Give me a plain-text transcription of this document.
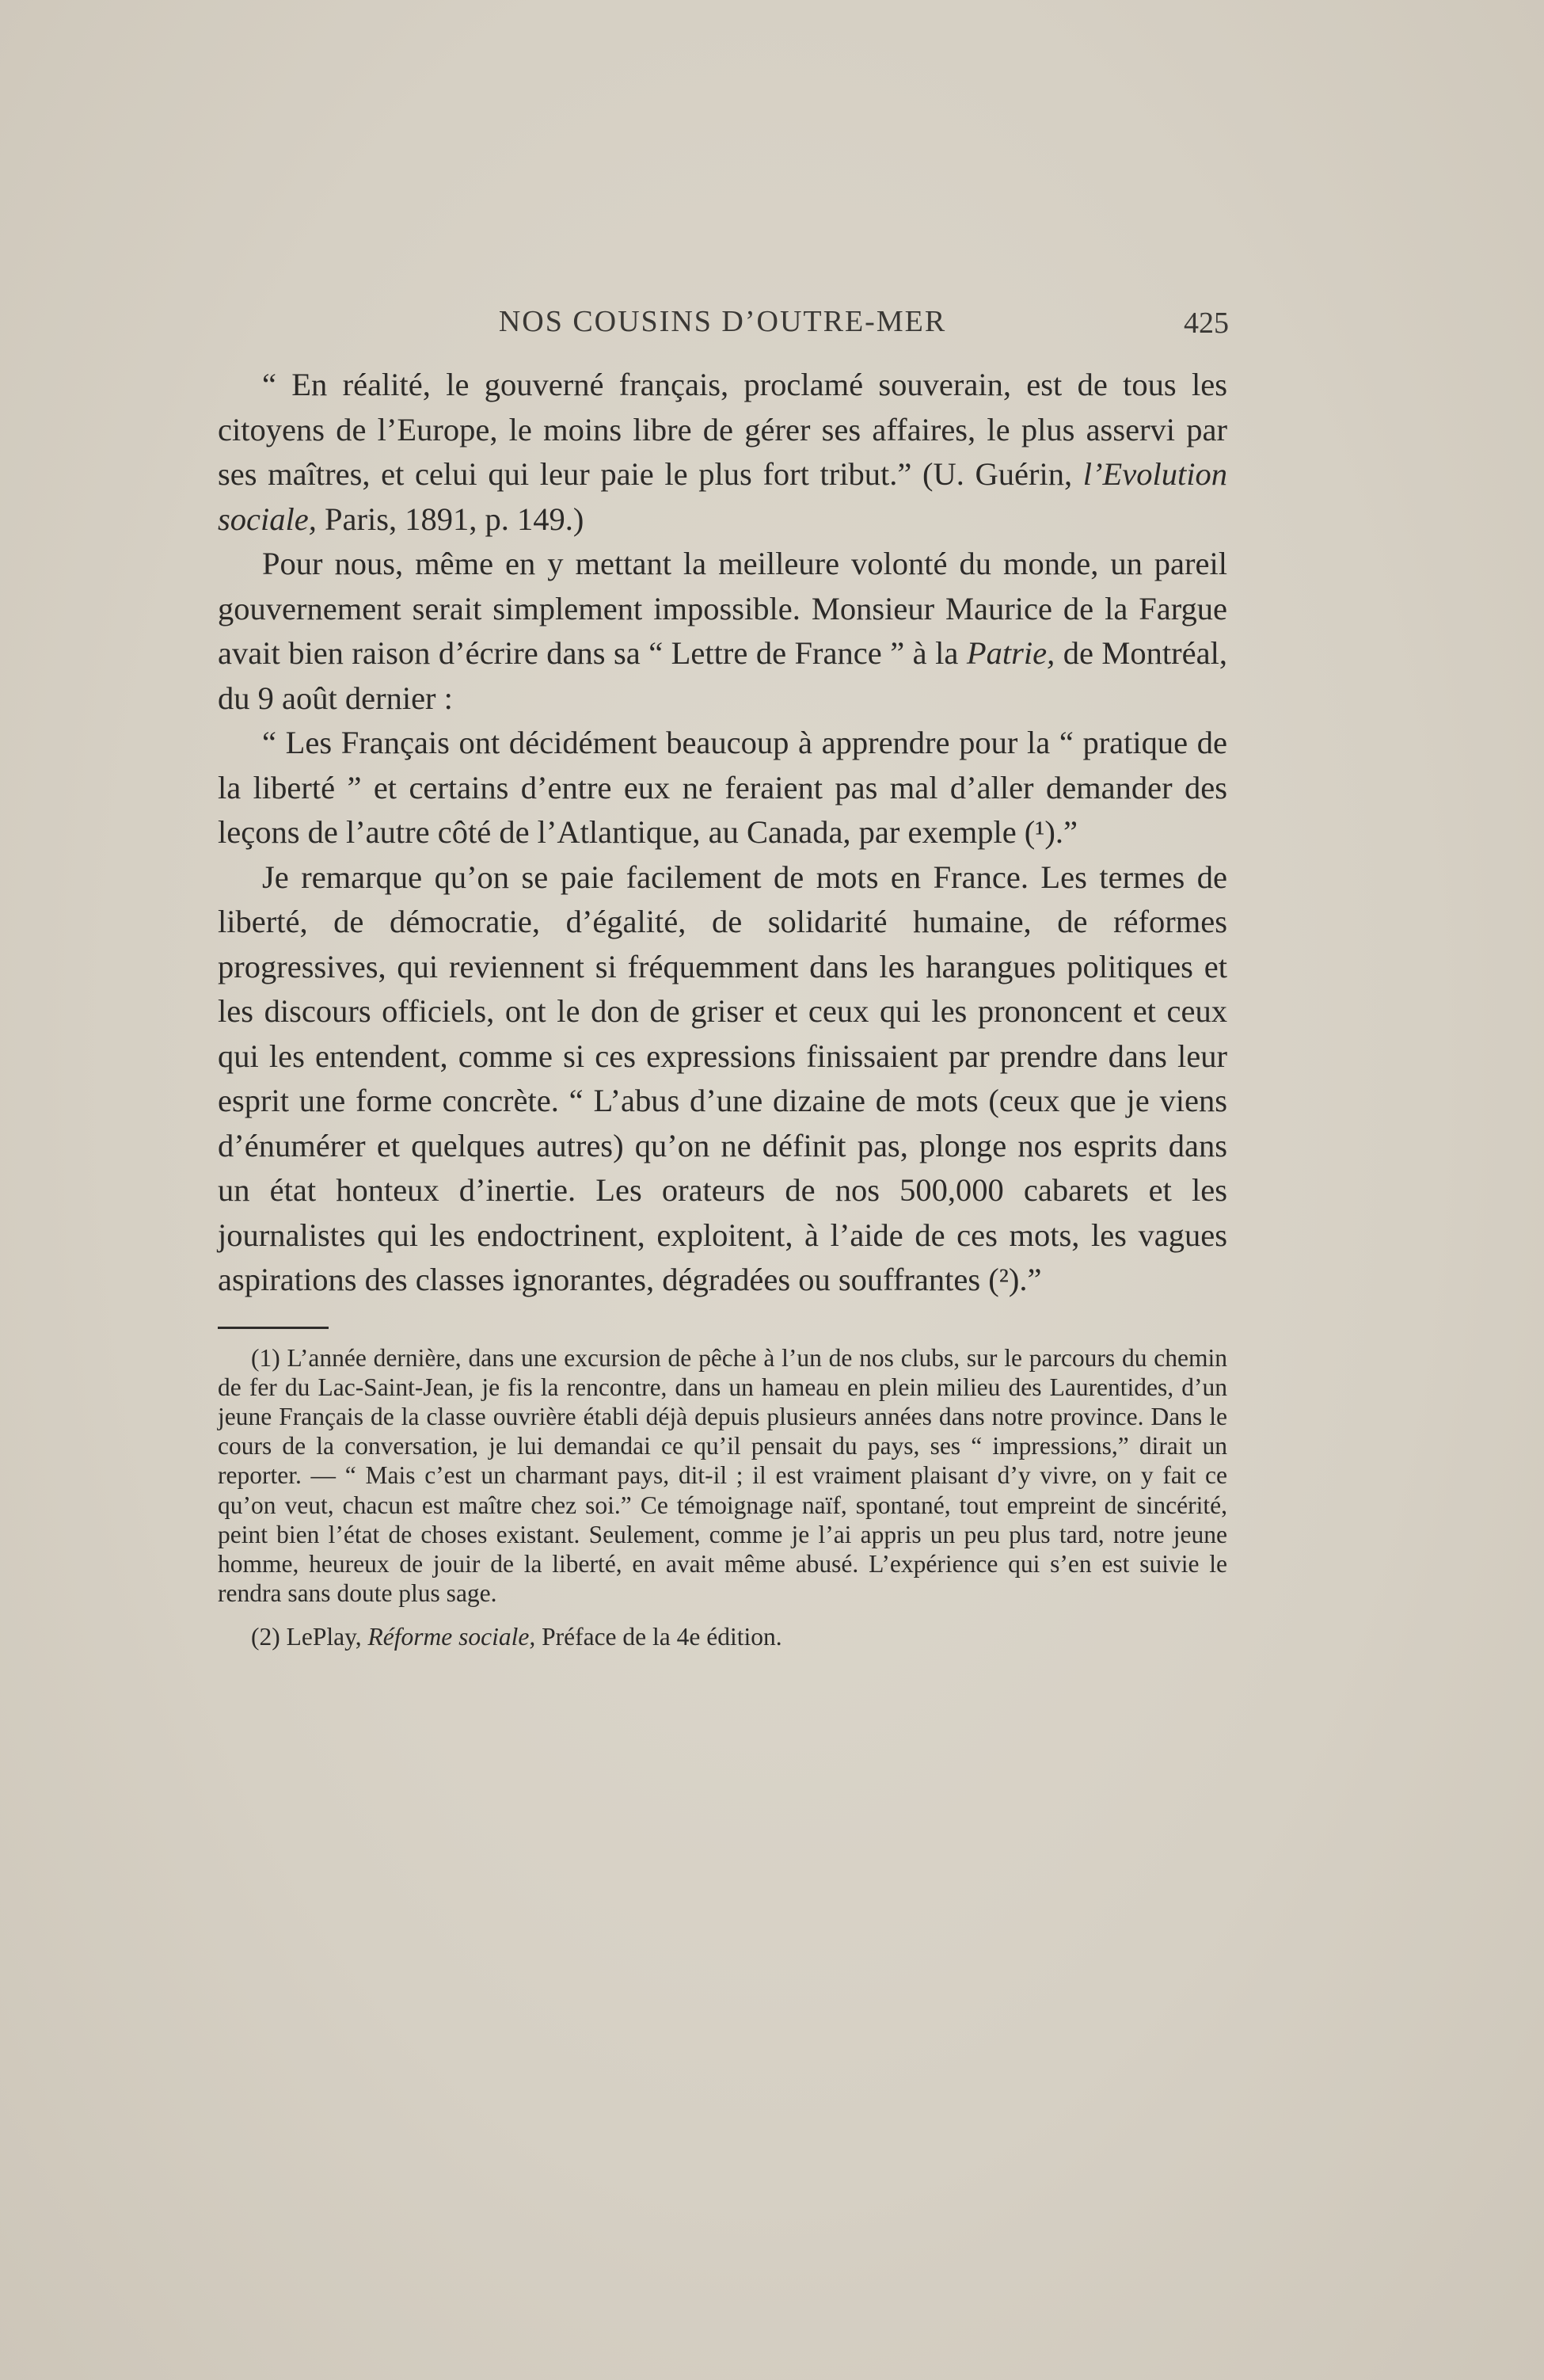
NOS COUSINS D’OUTRE-MER	425

“ En réalité, le gouverné français, proclamé souverain, est de tous les citoyens de l’Europe, le moins libre de gérer ses affaires, le plus asservi par ses maîtres, et celui qui leur paie le plus fort tribut.” (U. Guérin, l’Evolution sociale, Paris, 1891, p. 149.)

Pour nous, même en y mettant la meilleure volonté du monde, un pareil gouvernement serait simplement impossible. Monsieur Maurice de la Fargue avait bien raison d’écrire dans sa “ Lettre de France ” à la Patrie, de Montréal, du 9 août dernier :

“ Les Français ont décidément beaucoup à apprendre pour la “ pratique de la liberté ” et certains d’entre eux ne feraient pas mal d’aller demander des leçons de l’autre côté de l’Atlantique, au Canada, par exemple (¹).”

Je remarque qu’on se paie facilement de mots en France. Les termes de liberté, de démocratie, d’égalité, de solidarité humaine, de réformes progressives, qui reviennent si fréquemment dans les harangues politiques et les discours officiels, ont le don de griser et ceux qui les prononcent et ceux qui les entendent, comme si ces expressions finissaient par prendre dans leur esprit une forme concrète. “ L’abus d’une dizaine de mots (ceux que je viens d’énumérer et quelques autres) qu’on ne définit pas, plonge nos esprits dans un état honteux d’inertie. Les orateurs de nos 500,000 cabarets et les journalistes qui les endoctrinent, exploitent, à l’aide de ces mots, les vagues aspirations des classes ignorantes, dégradées ou souffrantes (²).”

(1) L’année dernière, dans une excursion de pêche à l’un de nos clubs, sur le parcours du chemin de fer du Lac-Saint-Jean, je fis la rencontre, dans un hameau en plein milieu des Laurentides, d’un jeune Français de la classe ouvrière établi déjà depuis plusieurs années dans notre province. Dans le cours de la conversation, je lui demandai ce qu’il pensait du pays, ses “ impressions,” dirait un reporter. — “ Mais c’est un charmant pays, dit-il ; il est vraiment plaisant d’y vivre, on y fait ce qu’on veut, chacun est maître chez soi.” Ce témoignage naïf, spontané, tout empreint de sincérité, peint bien l’état de choses existant. Seulement, comme je l’ai appris un peu plus tard, notre jeune homme, heureux de jouir de la liberté, en avait même abusé. L’expérience qui s’en est suivie le rendra sans doute plus sage.

(2) LePlay, Réforme sociale, Préface de la 4e édition.
